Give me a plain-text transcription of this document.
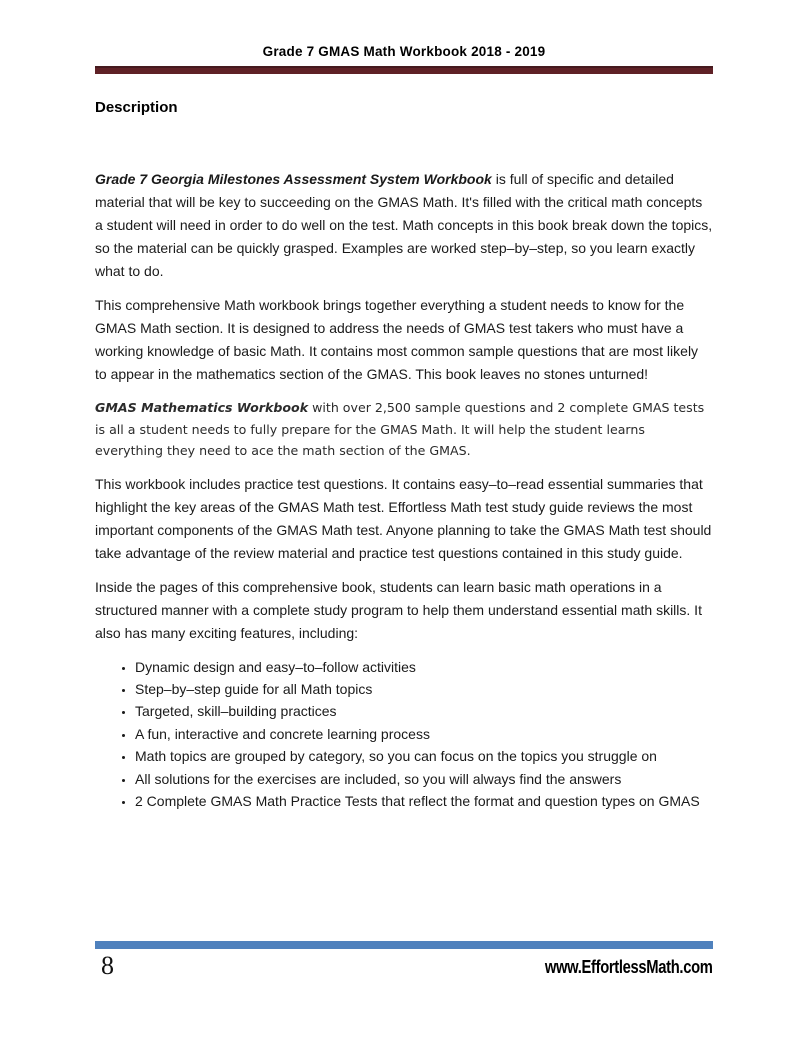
Grade 7 GMAS Math Workbook 2018 - 2019
Description

Grade 7 Georgia Milestones Assessment System Workbook is full of specific and detailed material that will be key to succeeding on the GMAS Math. It's filled with the critical math concepts a student will need in order to do well on the test. Math concepts in this book break down the topics, so the material can be quickly grasped. Examples are worked step–by–step, so you learn exactly what to do.

This comprehensive Math workbook brings together everything a student needs to know for the GMAS Math section. It is designed to address the needs of GMAS test takers who must have a working knowledge of basic Math. It contains most common sample questions that are most likely to appear in the mathematics section of the GMAS. This book leaves no stones unturned!

GMAS Mathematics Workbook with over 2,500 sample questions and 2 complete GMAS tests is all a student needs to fully prepare for the GMAS Math. It will help the student learns everything they need to ace the math section of the GMAS.

This workbook includes practice test questions. It contains easy–to–read essential summaries that highlight the key areas of the GMAS Math test. Effortless Math test study guide reviews the most important components of the GMAS Math test. Anyone planning to take the GMAS Math test should take advantage of the review material and practice test questions contained in this study guide.

Inside the pages of this comprehensive book, students can learn basic math operations in a structured manner with a complete study program to help them understand essential math skills. It also has many exciting features, including:

• Dynamic design and easy–to–follow activities
• Step–by–step guide for all Math topics
• Targeted, skill–building practices
• A fun, interactive and concrete learning process
• Math topics are grouped by category, so you can focus on the topics you struggle on
• All solutions for the exercises are included, so you will always find the answers
• 2 Complete GMAS Math Practice Tests that reflect the format and question types on GMAS
8	www.EffortlessMath.com
